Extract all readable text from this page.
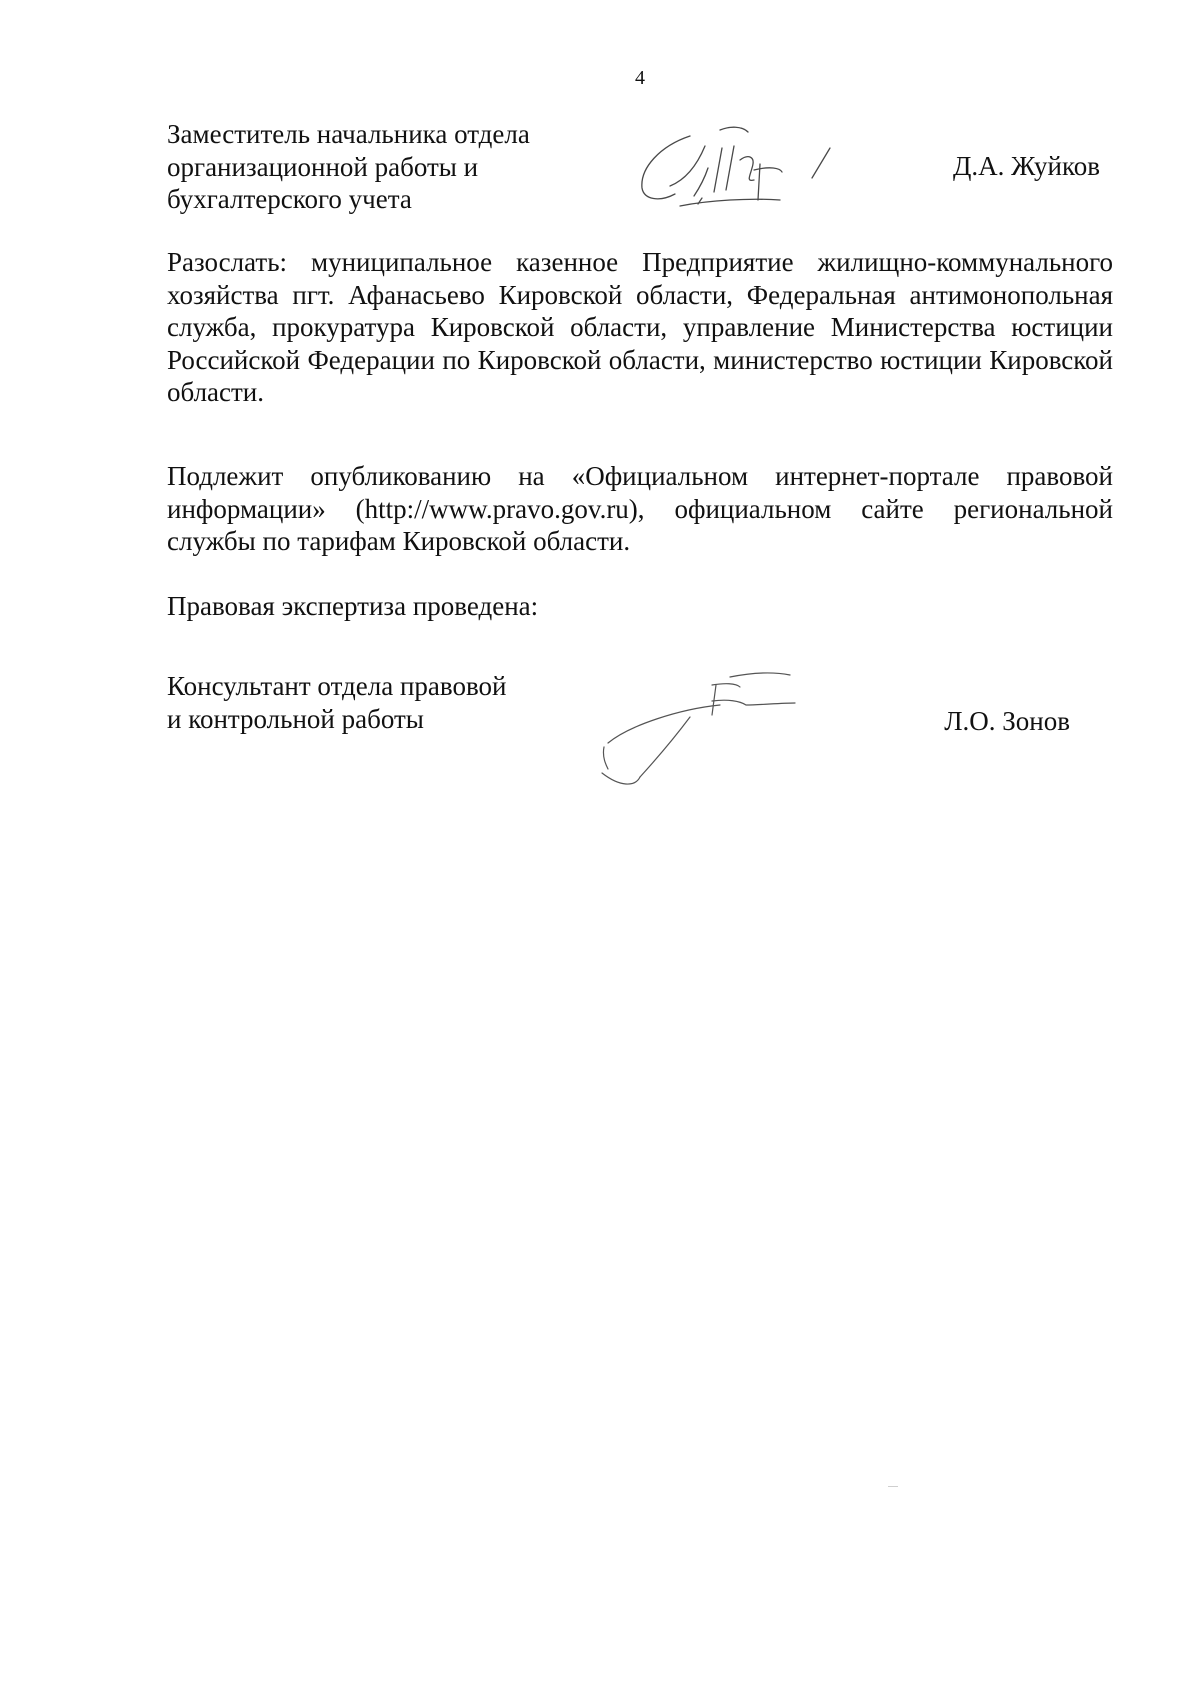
4
Заместитель начальника отдела
организационной работы и
бухгалтерского учета
Д.А. Жуйков
Разослать: муниципальное казенное Предприятие жилищно-коммунального хозяйства пгт. Афанасьево Кировской области, Федеральная антимонопольная служба, прокуратура Кировской области, управление Министерства юстиции Российской Федерации по Кировской области, министерство юстиции Кировской области.
Подлежит опубликованию на «Официальном интернет-портале правовой информации» (http://www.pravo.gov.ru), официальном сайте региональной службы по тарифам Кировской области.
Правовая экспертиза проведена:
Консультант отдела правовой
и контрольной работы	Л.О. Зонов
